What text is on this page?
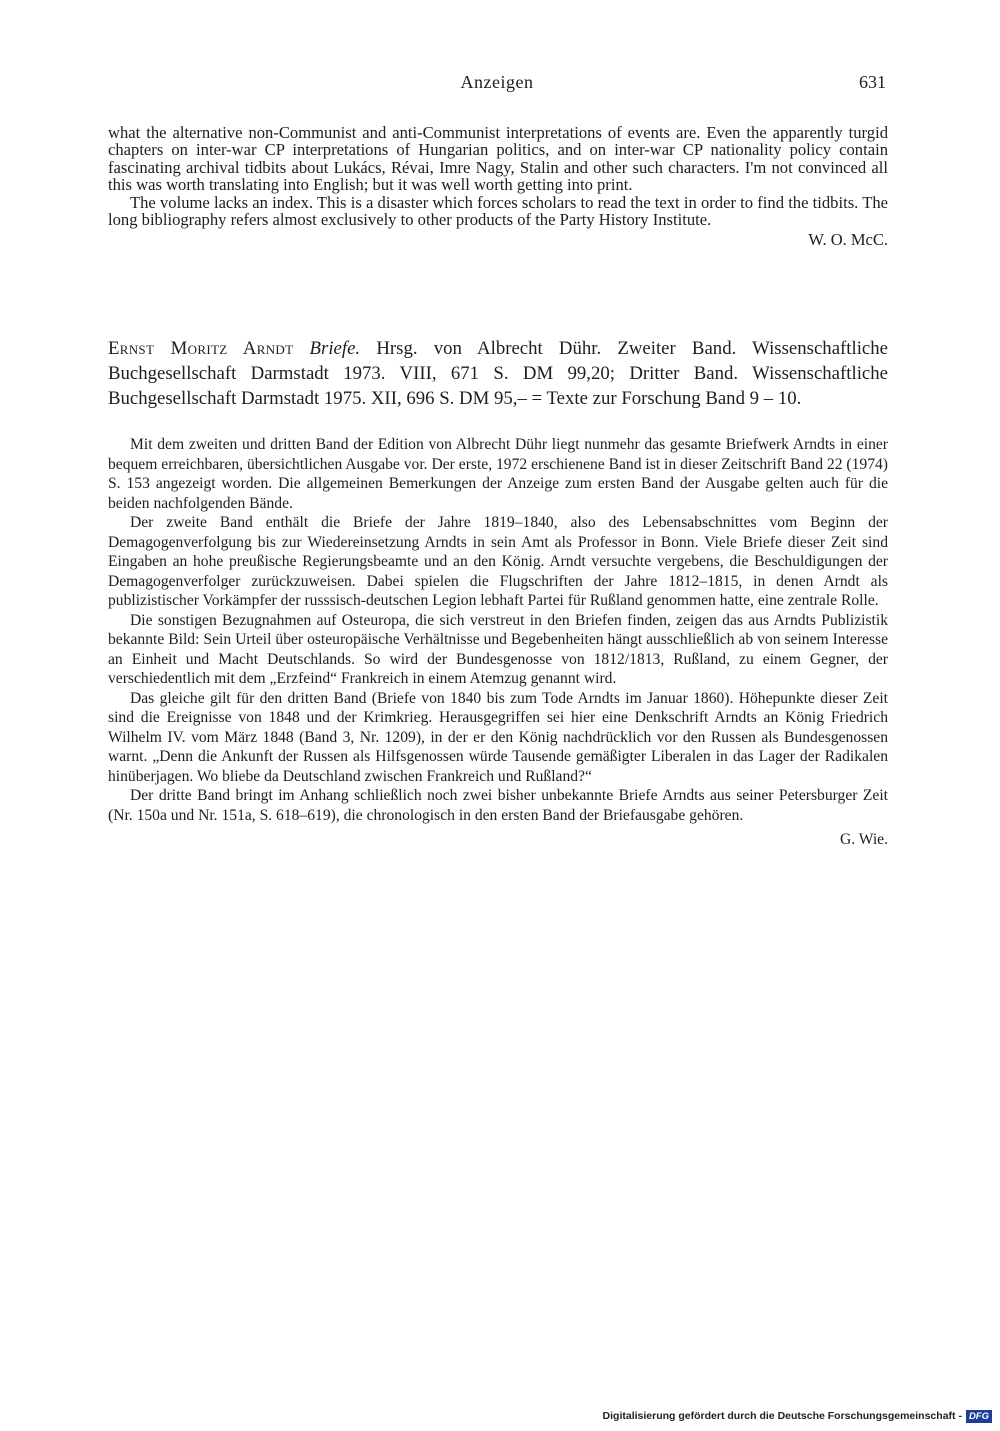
Anzeigen	631

what the alternative non-Communist and anti-Communist interpretations of events are. Even the apparently turgid chapters on inter-war CP interpretations of Hungarian politics, and on inter-war CP nationality policy contain fascinating archival tidbits about Lukács, Révai, Imre Nagy, Stalin and other such characters. I'm not convinced all this was worth translating into English; but it was well worth getting into print.

The volume lacks an index. This is a disaster which forces scholars to read the text in order to find the tidbits. The long bibliography refers almost exclusively to other products of the Party History Institute.

W. O. McC.
Ernst Moritz Arndt Briefe. Hrsg. von Albrecht Dühr. Zweiter Band. Wissenschaftliche Buchgesellschaft Darmstadt 1973. VIII, 671 S. DM 99,20; Dritter Band. Wissenschaftliche Buchgesellschaft Darmstadt 1975. XII, 696 S. DM 95,– = Texte zur Forschung Band 9 – 10.

Mit dem zweiten und dritten Band der Edition von Albrecht Dühr liegt nunmehr das gesamte Briefwerk Arndts in einer bequem erreichbaren, übersichtlichen Ausgabe vor. Der erste, 1972 erschienene Band ist in dieser Zeitschrift Band 22 (1974) S. 153 angezeigt worden. Die allgemeinen Bemerkungen der Anzeige zum ersten Band der Ausgabe gelten auch für die beiden nachfolgenden Bände.

Der zweite Band enthält die Briefe der Jahre 1819–1840, also des Lebensabschnittes vom Beginn der Demagogenverfolgung bis zur Wiedereinsetzung Arndts in sein Amt als Professor in Bonn. Viele Briefe dieser Zeit sind Eingaben an hohe preußische Regierungsbeamte und an den König. Arndt versuchte vergebens, die Beschuldigungen der Demagogenverfolger zurückzuweisen. Dabei spielen die Flugschriften der Jahre 1812–1815, in denen Arndt als publizistischer Vorkämpfer der russsisch-deutschen Legion lebhaft Partei für Rußland genommen hatte, eine zentrale Rolle.

Die sonstigen Bezugnahmen auf Osteuropa, die sich verstreut in den Briefen finden, zeigen das aus Arndts Publizistik bekannte Bild: Sein Urteil über osteuropäische Verhältnisse und Begebenheiten hängt ausschließlich ab von seinem Interesse an Einheit und Macht Deutschlands. So wird der Bundesgenosse von 1812/1813, Rußland, zu einem Gegner, der verschiedentlich mit dem „Erzfeind“ Frankreich in einem Atemzug genannt wird.

Das gleiche gilt für den dritten Band (Briefe von 1840 bis zum Tode Arndts im Januar 1860). Höhepunkte dieser Zeit sind die Ereignisse von 1848 und der Krimkrieg. Herausgegriffen sei hier eine Denkschrift Arndts an König Friedrich Wilhelm IV. vom März 1848 (Band 3, Nr. 1209), in der er den König nachdrücklich vor den Russen als Bundesgenossen warnt. „Denn die Ankunft der Russen als Hilfsgenossen würde Tausende gemäßigter Liberalen in das Lager der Radikalen hinüberjagen. Wo bliebe da Deutschland zwischen Frankreich und Rußland?“

Der dritte Band bringt im Anhang schließlich noch zwei bisher unbekannte Briefe Arndts aus seiner Petersburger Zeit (Nr. 150a und Nr. 151a, S. 618–619), die chronologisch in den ersten Band der Briefausgabe gehören.

G. Wie.
Digitalisierung gefördert durch die Deutsche Forschungsgemeinschaft - DFG
